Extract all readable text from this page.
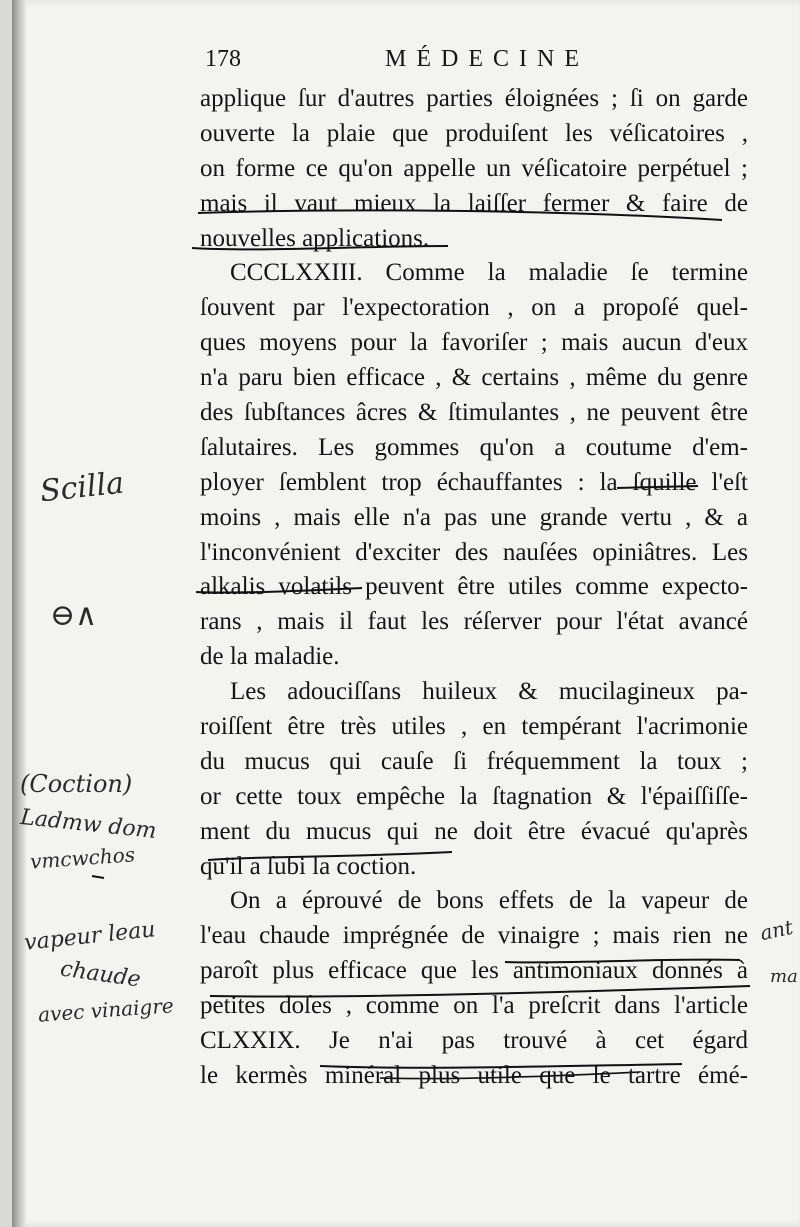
178	MÉDECINE
applique ſur d'autres parties éloignées ; ſi on garde
ouverte la plaie que produiſent les véſicatoires ,
on forme ce qu'on appelle un véſicatoire perpétuel ;
mais il vaut mieux la laiſſer fermer & faire de
nouvelles applications.
CCCLXXIII. Comme la maladie ſe termine
ſouvent par l'expectoration , on a propoſé quel-
ques moyens pour la favoriſer ; mais aucun d'eux
n'a paru bien efficace , & certains , même du genre
des ſubſtances âcres & ſtimulantes , ne peuvent être
ſalutaires. Les gommes qu'on a coutume d'em-
ployer ſemblent trop échauffantes : la ſquille l'eſt
moins , mais elle n'a pas une grande vertu , & a
l'inconvénient d'exciter des nauſées opiniâtres. Les
alkalis volatils peuvent être utiles comme expecto-
rans , mais il faut les réſerver pour l'état avancé
de la maladie.
Les adouciſſans huileux & mucilagineux pa-
roiſſent être très utiles , en tempérant l'acrimonie
du mucus qui cauſe ſi fréquemment la toux ;
or cette toux empêche la ſtagnation & l'épaiſſiſſe-
ment du mucus qui ne doit être évacué qu'après
qu'il a ſubi la coction.
On a éprouvé de bons effets de la vapeur de
l'eau chaude imprégnée de vinaigre ; mais rien ne
paroît plus efficace que les antimoniaux donnés à
petites doſes , comme on l'a preſcrit dans l'article
CLXXIX. Je n'ai pas trouvé à cet égard
le kermès minéral plus utile que le tartre émé-
Scilla
⊖∧
(Coction)
Ladmw dom
vmcwchos
vapeur leau
chaude
avec vinaigre
ant
ma
